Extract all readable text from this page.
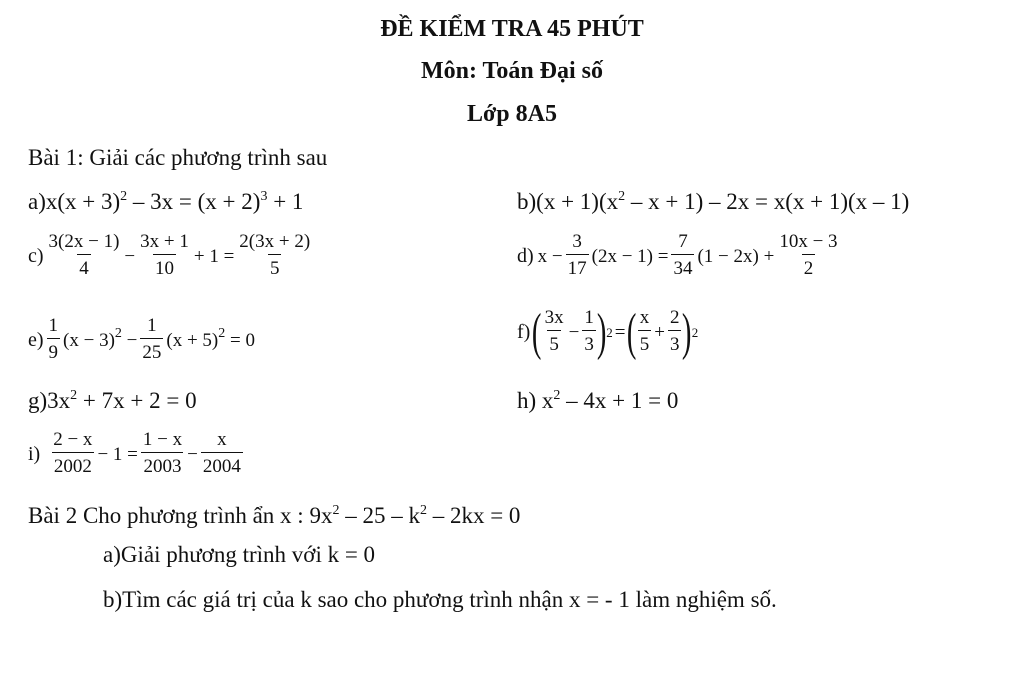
ĐỀ KIỂM TRA 45 PHÚT
Môn: Toán Đại số
Lớp 8A5
Bài 1: Giải các phương trình sau
$a)x(x + 3)^2 - 3x = (x + 2)^3 + 1$	$b)(x + 1)(x^2 - x + 1) - 2x = x(x + 1)(x - 1)$
$c) \frac{3(2x - 1)}{4} - \frac{3x + 1}{10} + 1 = \frac{2(3x + 2)}{5}$	d) $x - \frac{3}{17} (2x - 1) = \frac{7}{34} (1 - 2x) + \frac{10x - 3}{2}$
$e) \frac{1}{9} (x - 3)^2 - \frac{1}{25} (x + 5)^2 = 0$	f) ( $\frac{3x}{5} - \frac{1}{3}$ ) 2 = ( $\frac{x}{5} + \frac{2}{3}$ ) 2
$g)3x^2 + 7x + 2 = 0$	h) $x^2 - 4x + 1 = 0$
$i) \frac{2 - x}{2002} - 1 = \frac{1 - x}{2003} - \frac{x}{2004}$
Bài 2 Cho phương trình ẩn x : $9x^2 - 25 - k^2 - 2kx = 0$
a)Giải phương trình với k = 0
b)Tìm các giá trị của k sao cho phương trình nhận x = - 1 làm nghiệm số.
